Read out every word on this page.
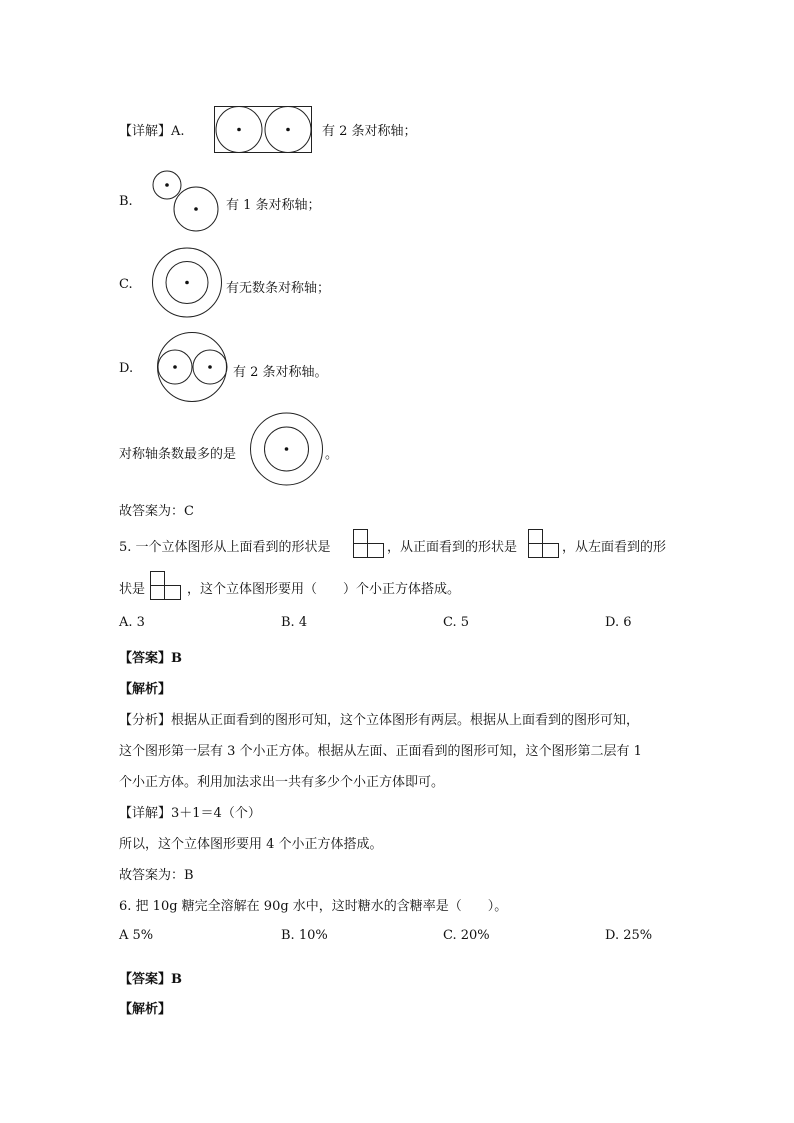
【详解】A.	有 2 条对称轴；
B.	有 1 条对称轴；
C.	有无数条对称轴；
D.	有 2 条对称轴。
对称轴条数最多的是	。
故答案为：C
5. 一个立体图形从上面看到的形状是	，从正面看到的形状是	，从左面看到的形
状是	，这个立体图形要用（　　）个小正方体搭成。
A. 3	B. 4	C. 5	D. 6
【答案】B
【解析】
【分析】根据从正面看到的图形可知，这个立体图形有两层。根据从上面看到的图形可知，
这个图形第一层有 3 个小正方体。根据从左面、正面看到的图形可知，这个图形第二层有 1
个小正方体。利用加法求出一共有多少个小正方体即可。
【详解】3＋1＝4（个）
所以，这个立体图形要用 4 个小正方体搭成。
故答案为：B
6. 把 10g 糖完全溶解在 90g 水中，这时糖水的含糖率是（　　）。
A 5%	B. 10%	C. 20%	D. 25%
【答案】B
【解析】
